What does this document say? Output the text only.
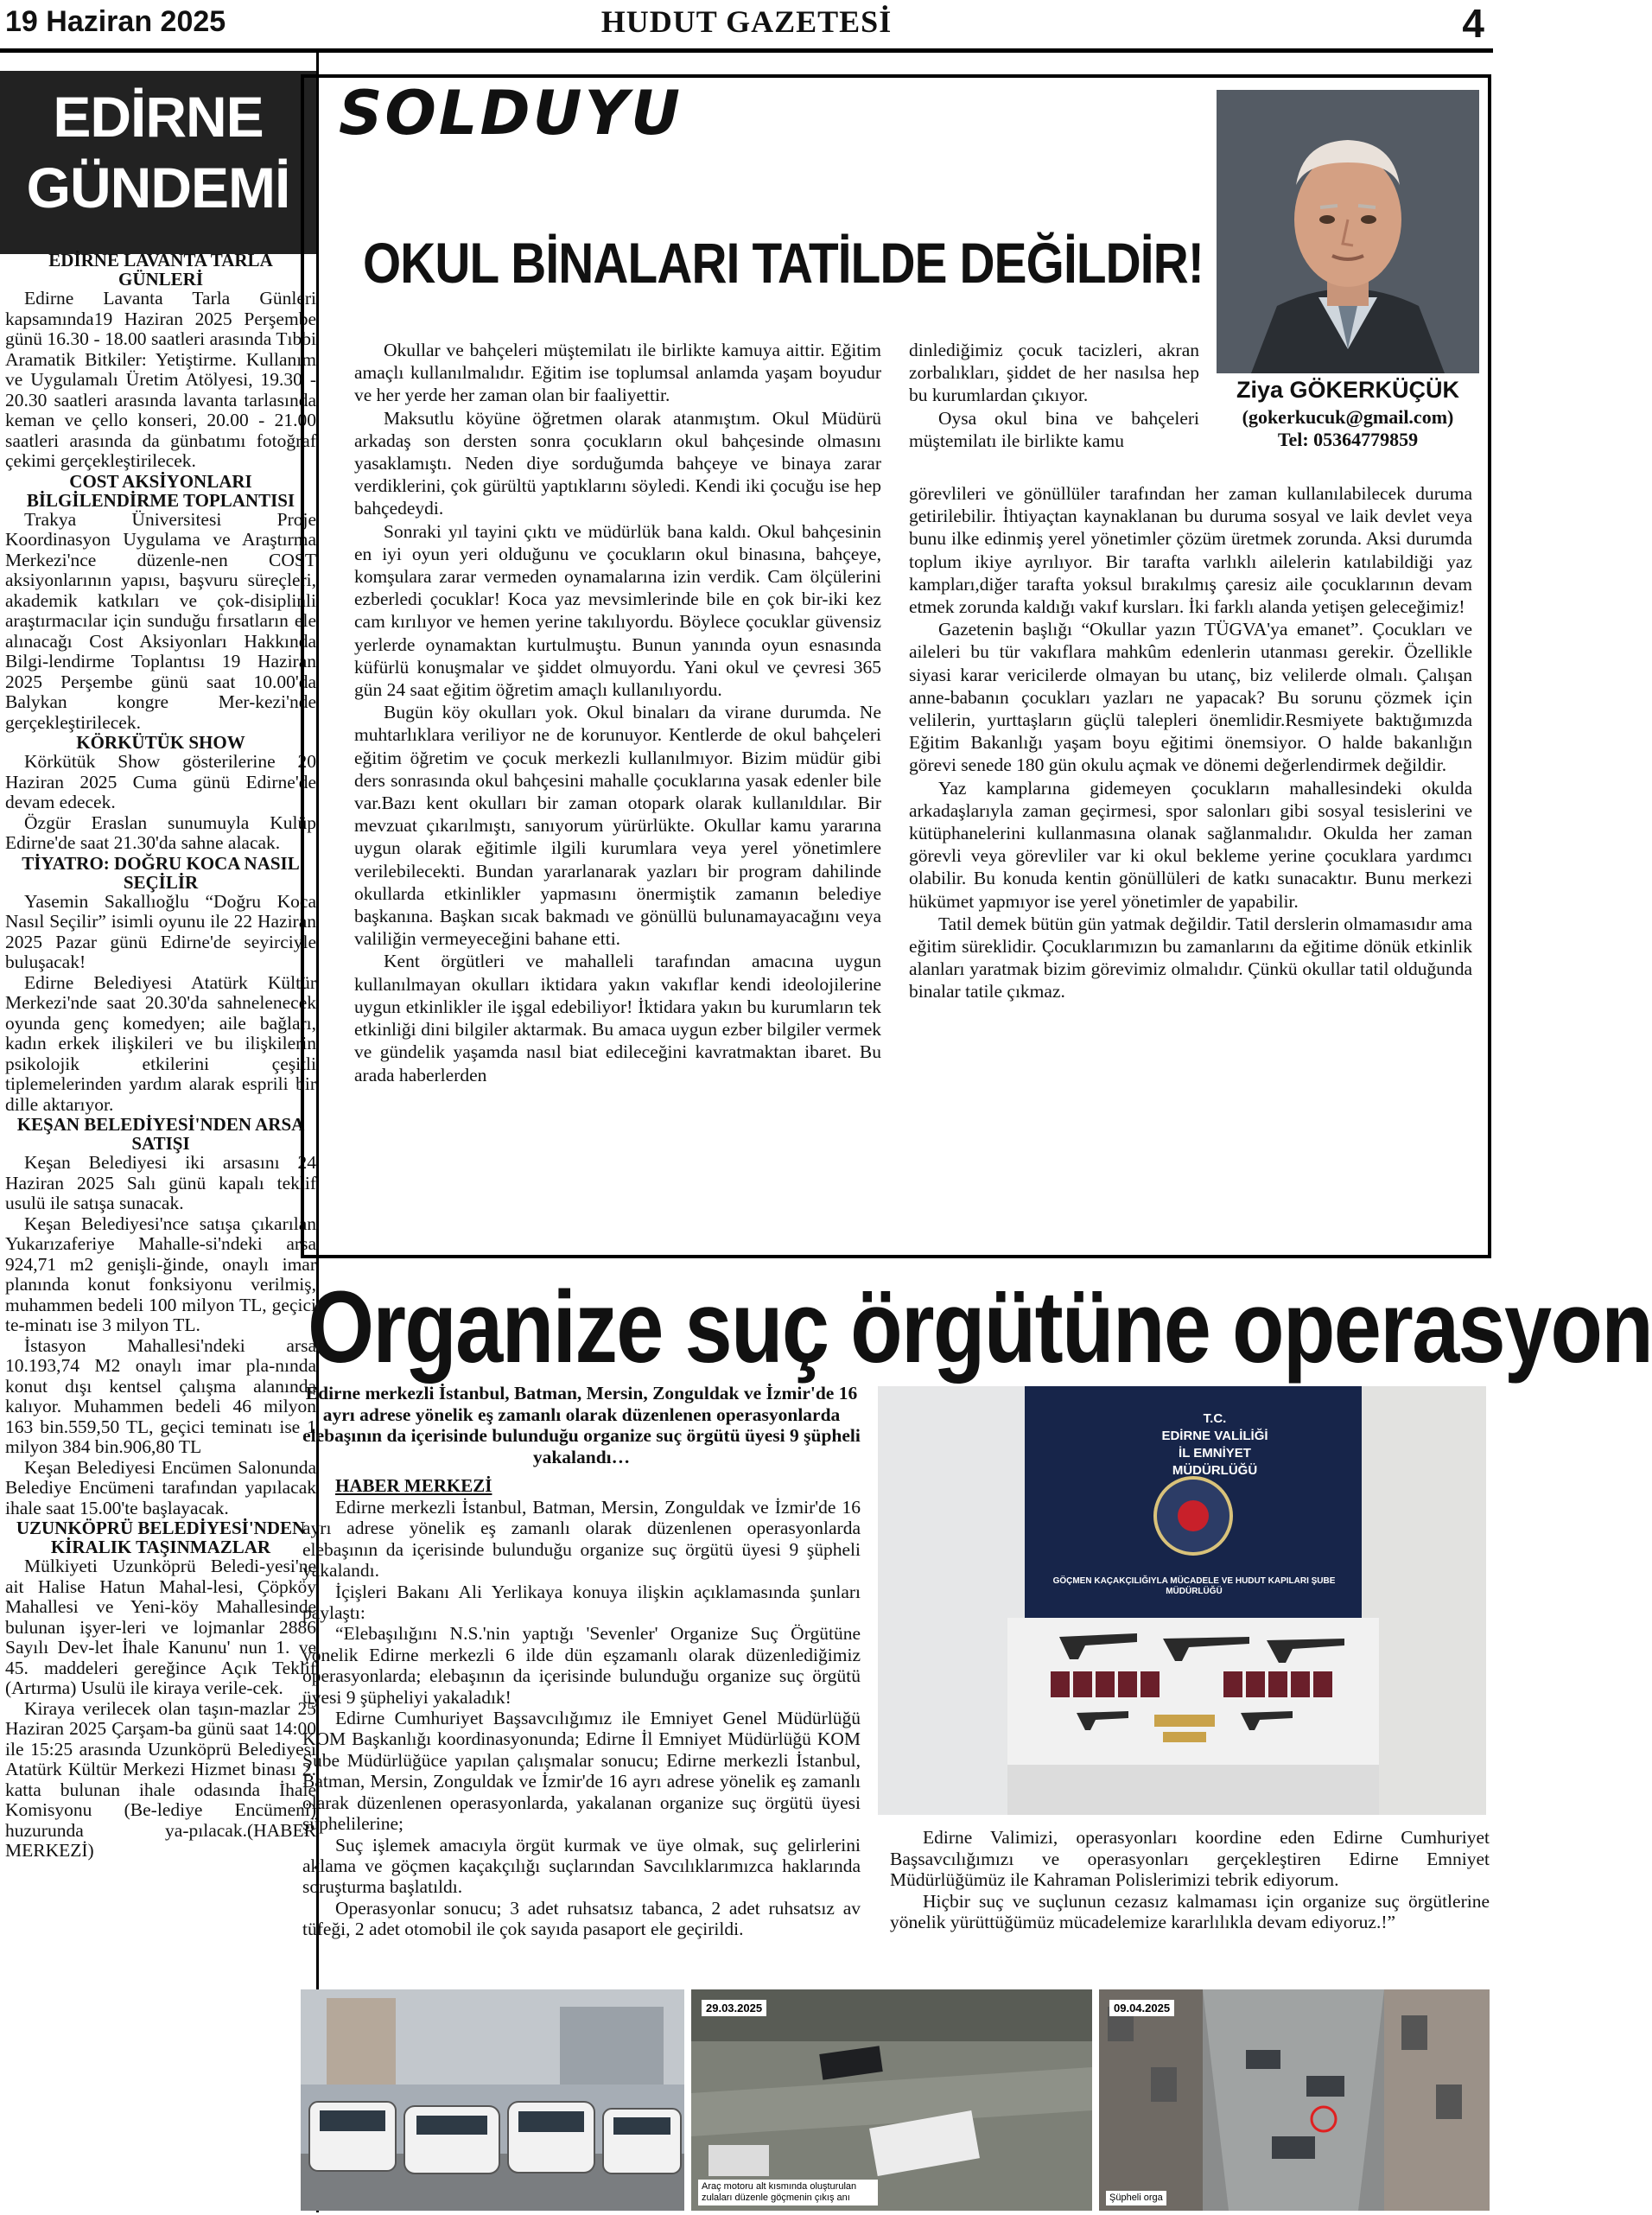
19 Haziran 2025	HUDUT GAZETESİ	4
EDİRNE
GÜNDEMİ
EDİRNE LAVANTA TARLA GÜNLERİ

Edirne Lavanta Tarla Günleri kapsamında19 Haziran 2025 Perşembe günü 16.30 - 18.00 saatleri arasında Tıbbi Aramatik Bitkiler: Yetiştirme. Kullanım ve Uygulamalı Üretim Atölyesi, 19.30 - 20.30 saatleri arasında lavanta tarlasında keman ve çello konseri, 20.00 - 21.00 saatleri arasında da günbatımı fotoğraf çekimi gerçekleştirilecek.

COST AKSİYONLARI BİLGİLENDİRME TOPLANTISI

Trakya Üniversitesi Proje Koordinasyon Uygulama ve Araştırma Merkezi'nce düzenle-nen COST aksiyonlarının yapısı, başvuru süreçleri, akademik katkıları ve çok-disiplinli araştırmacılar için sunduğu fırsatların ele alınacağı Cost Aksiyonları Hakkında Bilgi-lendirme Toplantısı 19 Haziran 2025 Perşembe günü saat 10.00'da Balykan kongre Mer-kezi'nde gerçekleştirilecek.

KÖRKÜTÜK SHOW

Körkütük Show gösterilerine 20 Haziran 2025 Cuma günü Edirne'de devam edecek.

Özgür Eraslan sunumuyla Kulüp Edirne'de saat 21.30'da sahne alacak.

TİYATRO: DOĞRU KOCA NASIL SEÇİLİR

Yasemin Sakallıoğlu “Doğru Koca Nasıl Seçilir” isimli oyunu ile 22 Haziran 2025 Pazar günü Edirne'de seyirciyle buluşacak!

Edirne Belediyesi Atatürk Kültür Merkezi'nde saat 20.30'da sahnelenecek oyunda genç komedyen; aile bağları, kadın erkek ilişkileri ve bu ilişkilerin psikolojik etkilerini çeşitli tiplemelerinden yardım alarak esprili bir dille aktarıyor.

KEŞAN BELEDİYESİ'NDEN ARSA SATIŞI

Keşan Belediyesi iki arsasını 24 Haziran 2025 Salı günü kapalı teklif usulü ile satışa sunacak.

Keşan Belediyesi'nce satışa çıkarılan Yukarızaferiye Mahalle-si'ndeki arsa 924,71 m2 genişli-ğinde, onaylı imar planında konut fonksiyonu verilmiş, muhammen bedeli 100 milyon TL, geçici te-minatı ise 3 milyon TL.

İstasyon Mahallesi'ndeki arsa 10.193,74 M2 onaylı imar pla-nında konut dışı kentsel çalışma alanında kalıyor. Muhammen bedeli 46 milyon 163 bin.559,50 TL, geçici teminatı ise 1 milyon 384 bin.906,80 TL

Keşan Belediyesi Encümen Salonunda Belediye Encümeni tarafından yapılacak ihale saat 15.00'te başlayacak.

UZUNKÖPRÜ BELEDİYESİ'NDEN KİRALIK TAŞINMAZLAR

Mülkiyeti Uzunköprü Beledi-yesi'ne ait Halise Hatun Mahal-lesi, Çöpköy Mahallesi ve Yeni-köy Mahallesinde bulunan işyer-leri ve lojmanlar 2886 Sayılı Dev-let İhale Kanunu' nun 1. ve 45. maddeleri gereğince Açık Teklif (Artırma) Usulü ile kiraya verile-cek.

Kiraya verilecek olan taşın-mazlar 25 Haziran 2025 Çarşam-ba günü saat 14:00 ile 15:25 arasında Uzunköprü Belediyesi Atatürk Kültür Merkezi Hizmet binası 2. katta bulunan ihale odasında İhale Komisyonu (Be-lediye Encümeni) huzurunda ya-pılacak.(HABER MERKEZİ)

SOLDUYU
OKUL BİNALARI TATİLDE DEĞİLDİR!
Ziya GÖKERKÜÇÜK
(gokerkucuk@gmail.com)
Tel: 05364779859

Okullar ve bahçeleri müştemilatı ile birlikte kamuya aittir. Eğitim amaçlı kullanılmalıdır. Eğitim ise toplumsal anlamda yaşam boyudur ve her yerde her zaman olan bir faaliyettir.

Maksutlu köyüne öğretmen olarak atanmıştım. Okul Müdürü arkadaş son dersten sonra çocukların okul bahçesinde olmasını yasaklamıştı. Neden diye sorduğumda bahçeye ve binaya zarar verdiklerini, çok gürültü yaptıklarını söyledi. Kendi iki çocuğu ise hep bahçedeydi.

Sonraki yıl tayini çıktı ve müdürlük bana kaldı. Okul bahçesinin en iyi oyun yeri olduğunu ve çocukların okul binasına, bahçeye, komşulara zarar vermeden oynamalarına izin verdik. Cam ölçülerini ezberledi çocuklar! Koca yaz mevsimlerinde bile en çok bir-iki kez cam kırılıyor ve hemen yerine takılıyordu. Böylece çocuklar güvensiz yerlerde oynamaktan kurtulmuştu. Bunun yanında oyun esnasında küfürlü konuşmalar ve şiddet olmuyordu. Yani okul ve çevresi 365 gün 24 saat eğitim öğretim amaçlı kullanılıyordu.

Bugün köy okulları yok. Okul binaları da virane durumda. Ne muhtarlıklara veriliyor ne de korunuyor. Kentlerde de okul bahçeleri eğitim öğretim ve çocuk merkezli kullanılmıyor. Bizim müdür gibi ders sonrasında okul bahçesini mahalle çocuklarına yasak edenler bile var.Bazı kent okulları bir zaman otopark olarak kullanıldılar. Bir mevzuat çıkarılmıştı, sanıyorum yürürlükte. Okullar kamu yararına uygun olarak eğitimle ilgili kurumlara veya yerel yönetimlere verilebilecekti. Bundan yararlanarak yazları bir program dahilinde okullarda etkinlikler yapmasını önermiştik zamanın belediye başkanına. Başkan sıcak bakmadı ve gönüllü bulunamayacağını veya valiliğin vermeyeceğini bahane etti.

Kent örgütleri ve mahalleli tarafından amacına uygun kullanılmayan okulları iktidara yakın vakıflar kendi ideolojilerine uygun etkinlikler ile işgal edebiliyor! İktidara yakın bu kurumların tek etkinliği dini bilgiler aktarmak. Bu amaca uygun ezber bilgiler vermek ve gündelik yaşamda nasıl biat edileceğini kavratmaktan ibaret. Bu arada haberlerden

dinlediğimiz çocuk tacizleri, akran zorbalıkları, şiddet de her nasılsa hep bu kurumlardan çıkıyor.

Oysa okul bina ve bahçeleri müştemilatı ile birlikte kamu

görevlileri ve gönüllüler tarafından her zaman kullanılabilecek duruma getirilebilir. İhtiyaçtan kaynaklanan bu duruma sosyal ve laik devlet veya bunu ilke edinmiş yerel yönetimler çözüm üretmek zorunda. Aksi durumda toplum ikiye ayrılıyor. Bir tarafta varlıklı ailelerin katılabildiği yaz kampları,diğer tarafta yoksul bırakılmış çaresiz aile çocuklarının devam etmek zorunda kaldığı vakıf kursları. İki farklı alanda yetişen geleceğimiz!

Gazetenin başlığı “Okullar yazın TÜGVA'ya emanet”. Çocukları ve aileleri bu tür vakıflara mahkûm edenlerin utanması gerekir. Özellikle siyasi karar vericilerde olmayan bu utanç, biz velilerde olmalı. Çalışan anne-babanın çocukları yazları ne yapacak? Bu sorunu çözmek için velilerin, yurttaşların güçlü talepleri önemlidir.Resmiyete baktığımızda Eğitim Bakanlığı yaşam boyu eğitimi önemsiyor. O halde bakanlığın görevi senede 180 gün okulu açmak ve dönemi değerlendirmek değildir.

Yaz kamplarına gidemeyen çocukların mahallesindeki okulda arkadaşlarıyla zaman geçirmesi, spor salonları gibi sosyal tesislerini ve kütüphanelerini kullanmasına olanak sağlanmalıdır. Okulda her zaman görevli veya görevliler var ki okul bekleme yerine çocuklara yardımcı olabilir. Bu konuda kentin gönüllüleri de katkı sunacaktır. Bunu merkezi hükümet yapmıyor ise yerel yönetimler de yapabilir.

Tatil demek bütün gün yatmak değildir. Tatil derslerin olmamasıdır ama eğitim süreklidir. Çocuklarımızın bu zamanlarını da eğitime dönük etkinlik alanları yaratmak bizim görevimiz olmalıdır. Çünkü okullar tatil olduğunda binalar tatile çıkmaz.

Organize suç örgütüne operasyon
Edirne merkezli İstanbul, Batman, Mersin, Zonguldak ve İzmir'de 16 ayrı adrese yönelik eş zamanlı olarak düzenlenen operasyonlarda elebaşının da içerisinde bulunduğu organize suç örgütü üyesi 9 şüpheli yakalandı…
HABER MERKEZİ

Edirne merkezli İstanbul, Batman, Mersin, Zonguldak ve İzmir'de 16 ayrı adrese yönelik eş zamanlı olarak düzenlenen operasyonlarda elebaşının da içerisinde bulunduğu organize suç örgütü üyesi 9 şüpheli yakalandı.

İçişleri Bakanı Ali Yerlikaya konuya ilişkin açıklamasında şunları paylaştı:

“Elebaşılığını N.S.'nin yaptığı 'Sevenler' Organize Suç Örgütüne yönelik Edirne merkezli 6 ilde dün eşzamanlı olarak düzenlediğimiz operasyonlarda; elebaşının da içerisinde bulunduğu organize suç örgütü üyesi 9 şüpheliyi yakaladık!

Edirne Cumhuriyet Başsavcılığımız ile Emniyet Genel Müdürlüğü KOM Başkanlığı koordinasyonunda; Edirne İl Emniyet Müdürlüğü KOM Şube Müdürlüğüce yapılan çalışmalar sonucu; Edirne merkezli İstanbul, Batman, Mersin, Zonguldak ve İzmir'de 16 ayrı adrese yönelik eş zamanlı olarak düzenlenen operasyonlarda, yakalanan organize suç örgütü üyesi şüphelilerine;

Suç işlemek amacıyla örgüt kurmak ve üye olmak, suç gelirlerini aklama ve göçmen kaçakçılığı suçlarından Savcılıklarımızca haklarında soruşturma başlatıldı.

Operasyonlar sonucu; 3 adet ruhsatsız tabanca, 2 adet ruhsatsız av tüfeği, 2 adet otomobil ile çok sayıda pasaport ele geçirildi.

T.C.
EDİRNE VALİLİĞİ
İL EMNİYET MÜDÜRLÜĞÜ
GÖÇMEN KAÇAKÇILIĞIYLA MÜCADELE VE HUDUT KAPILARI ŞUBE MÜDÜRLÜĞÜ

Edirne Valimizi, operasyonları koordine eden Edirne Cumhuriyet Başsavcılığımızı ve operasyonları gerçekleştiren Edirne Emniyet Müdürlüğümüz ile Kahraman Polislerimizi tebrik ediyorum.

Hiçbir suç ve suçlunun cezasız kalmaması için organize suç örgütlerine yönelik yürüttüğümüz mücadelemize kararlılıkla devam ediyoruz.!”

29.03.2025
Araç motoru alt kısmında oluşturulan zulaları düzenle göçmenin çıkış anı
09.04.2025
Şüpheli orga
